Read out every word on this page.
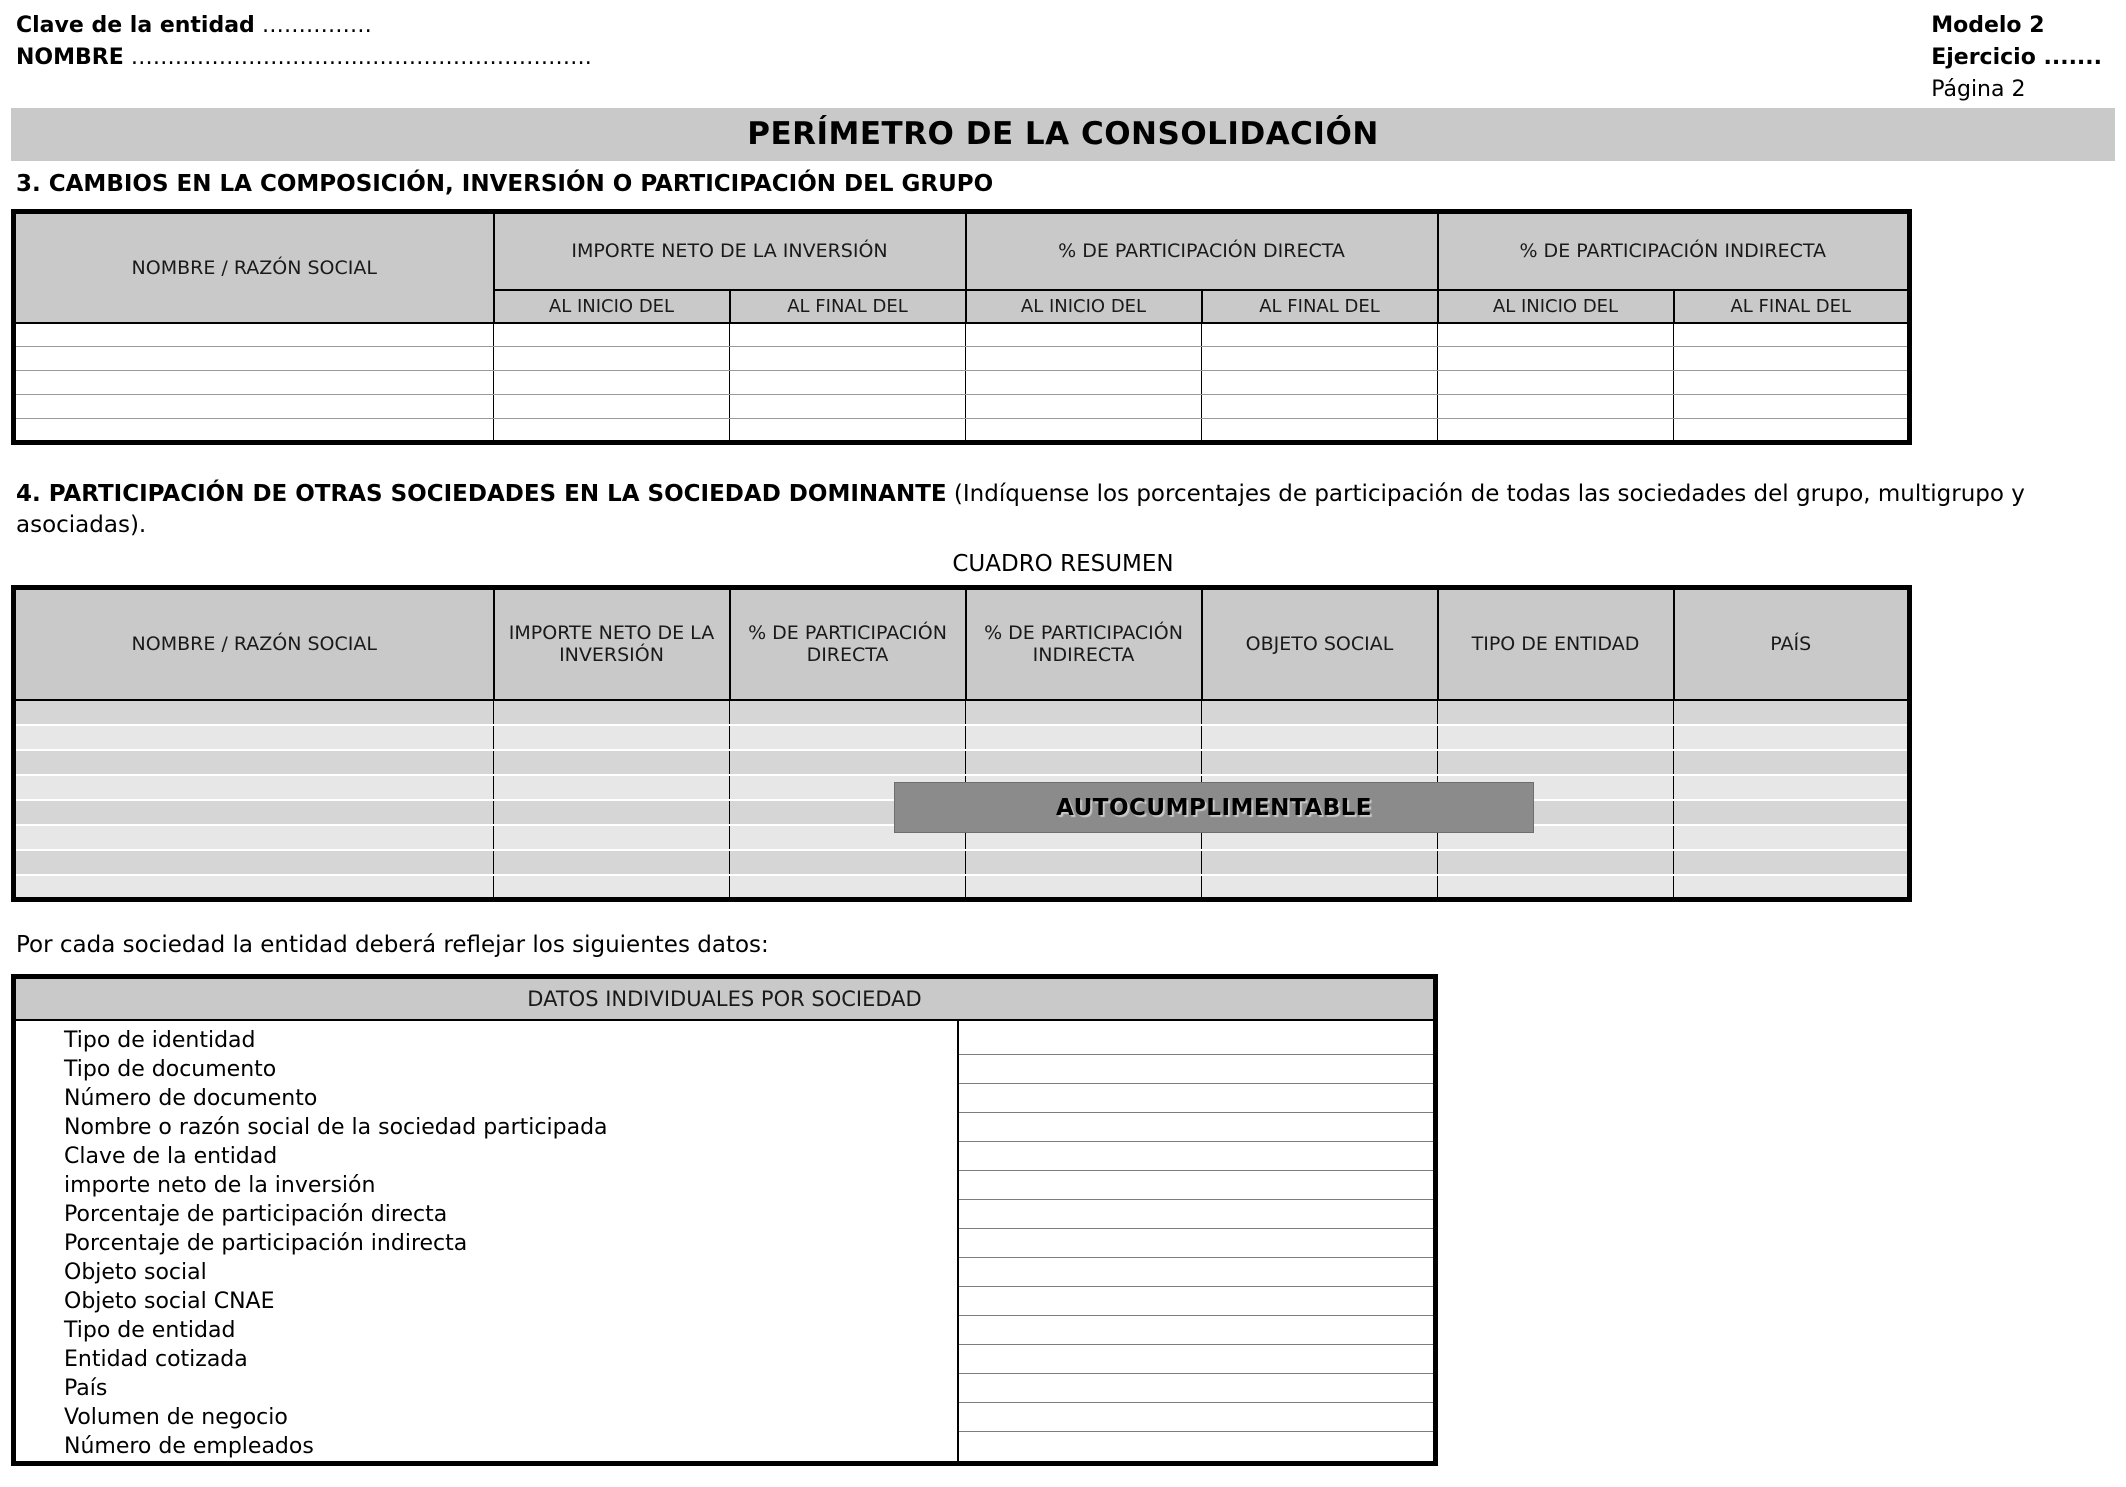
Clave de la entidad ……………
NOMBRE …………………………..………………………….
Modelo 2
Ejercicio .......
Página 2
PERÍMETRO DE LA CONSOLIDACIÓN
3. CAMBIOS EN LA COMPOSICIÓN, INVERSIÓN O PARTICIPACIÓN DEL GRUPO
NOMBRE / RAZÓN SOCIAL	IMPORTE NETO DE LA INVERSIÓN		% DE PARTICIPACIÓN DIRECTA		% DE PARTICIPACIÓN INDIRECTA	
	AL INICIO DEL	AL FINAL DEL	AL INICIO DEL	AL FINAL DEL	AL INICIO DEL	AL FINAL DEL

4. PARTICIPACIÓN DE OTRAS SOCIEDADES EN LA SOCIEDAD DOMINANTE (Indíquense los porcentajes de participación de todas las sociedades del grupo, multigrupo y asociadas).
CUADRO RESUMEN
NOMBRE / RAZÓN SOCIAL	IMPORTE NETO DE LA INVERSIÓN	% DE PARTICIPACIÓN DIRECTA	% DE PARTICIPACIÓN INDIRECTA	OBJETO SOCIAL	TIPO DE ENTIDAD	PAÍS

AUTOCUMPLIMENTABLE
Por cada sociedad la entidad deberá reflejar los siguientes datos:
DATOS INDIVIDUALES POR SOCIEDAD
Tipo de identidad
Tipo de documento
Número de documento
Nombre o razón social de la sociedad participada
Clave de la entidad
importe neto de la inversión
Porcentaje de participación directa
Porcentaje de participación indirecta
Objeto social
Objeto social CNAE
Tipo de entidad
Entidad cotizada
País
Volumen de negocio
Número de empleados
